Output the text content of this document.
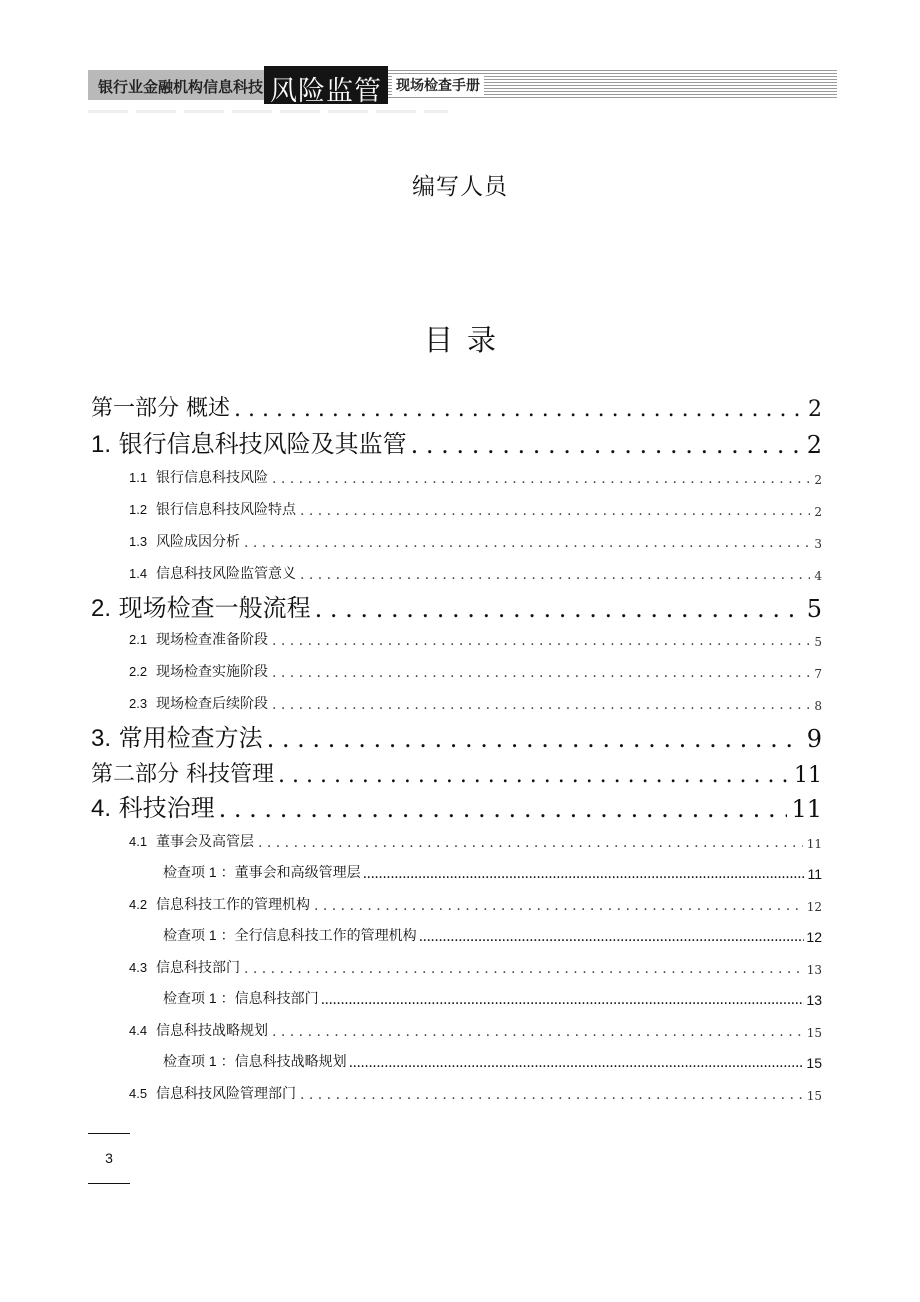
银行业金融机构信息科技 风险监管 现场检查手册
编写人员
目录
第一部分 概述 . . .	2
1. 银行信息科技风险及其监管 . . .	2
1.1 银行信息科技风险 . . .	2
1.2 银行信息科技风险特点 . . .	2
1.3 风险成因分析 . . .	3
1.4 信息科技风险监管意义 . . .	4
2. 现场检查一般流程 . . .	5
2.1 现场检查准备阶段 . . .	5
2.2 现场检查实施阶段 . . .	7
2.3 现场检查后续阶段 . . .	8
3. 常用检查方法 . . .	9
第二部分 科技管理 . . .	11
4. 科技治理 . . .	11
4.1 董事会及高管层 . . .	11
检查项 1 ：董事会和高级管理层 .....	11
4.2 信息科技工作的管理机构 . . .	12
检查项 1 ：全行信息科技工作的管理机构 .....	12
4.3 信息科技部门 . . .	13
检查项 1 ：信息科技部门 .....	13
4.4 信息科技战略规划 . . .	15
检查项 1 ：信息科技战略规划 .....	15
4.5 信息科技风险管理部门 . . .	15
3
